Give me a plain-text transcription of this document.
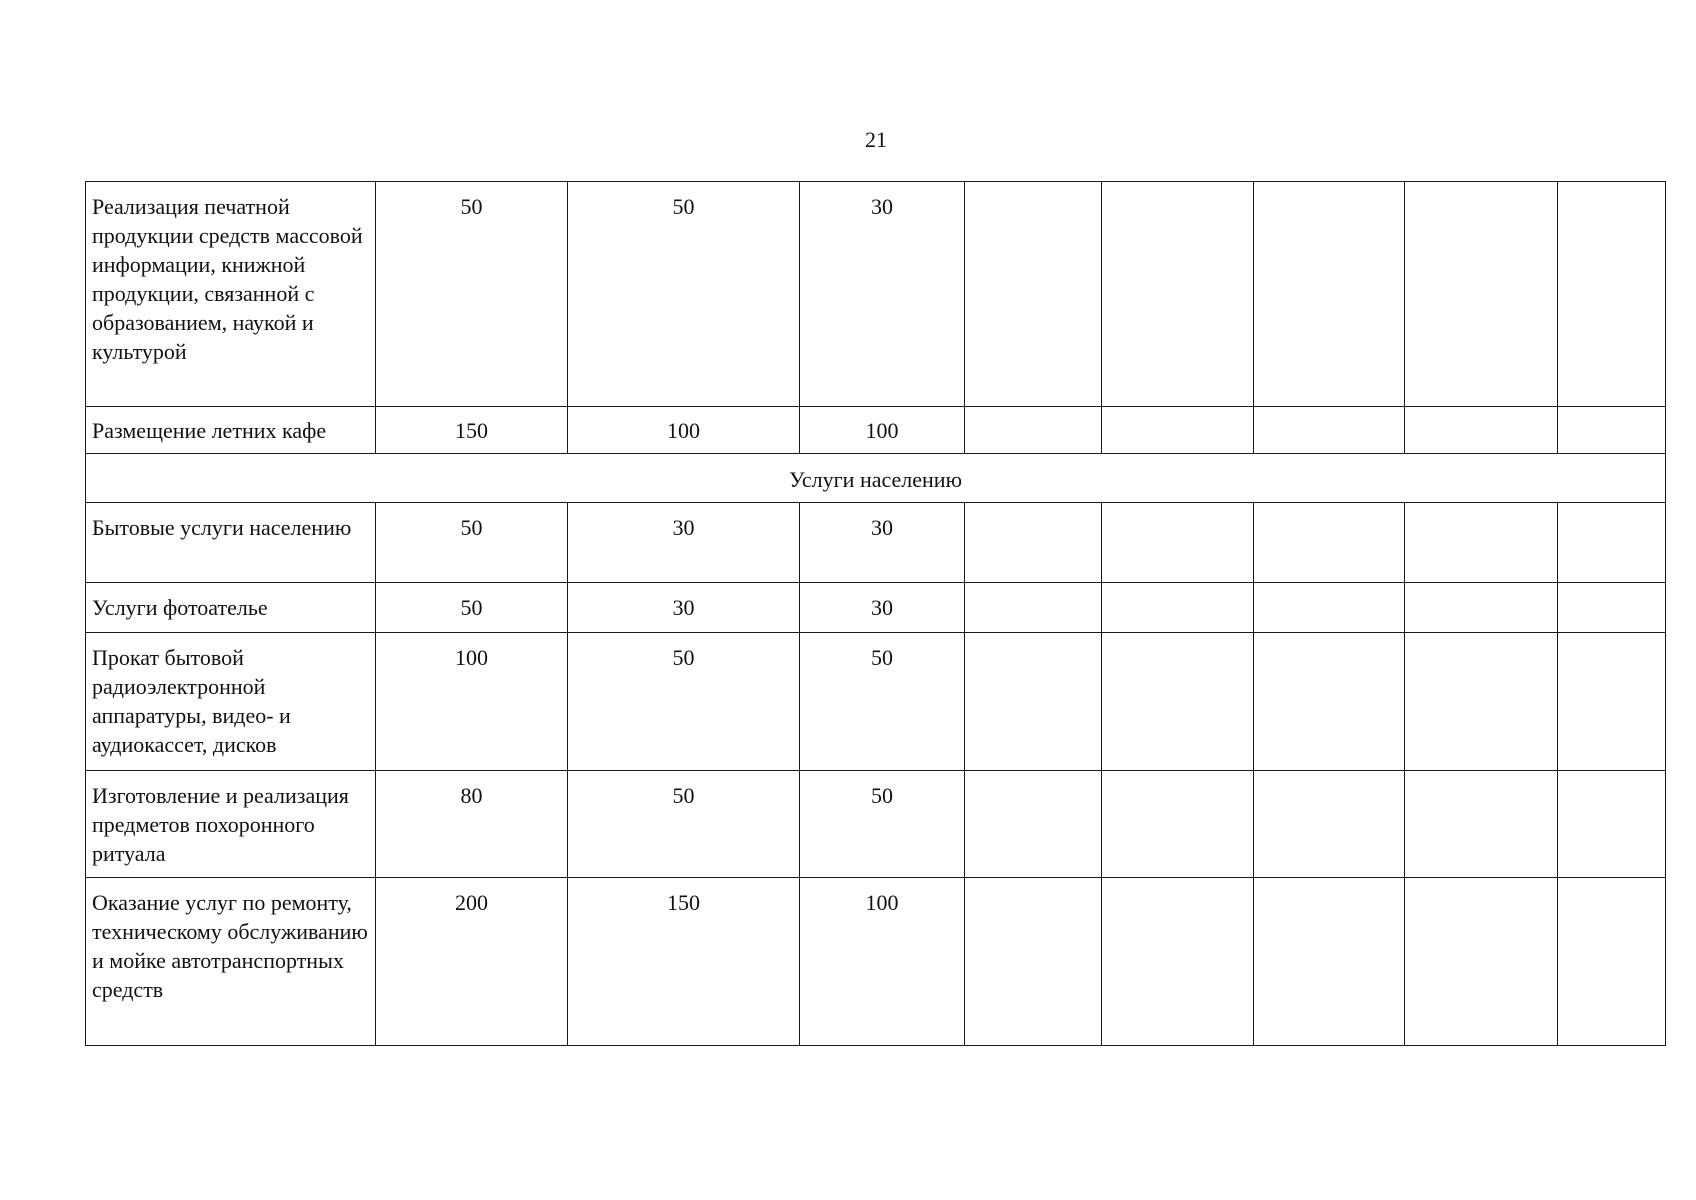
21
Реализация печатной продукции средств массовой информации, книжной продукции, связанной с образованием, наукой и культурой	50	50	30					
Размещение летних кафе	150	100	100					
Услуги населению								
Бытовые услуги населению	50	30	30					
Услуги фотоателье	50	30	30					
Прокат бытовой радиоэлектронной аппаратуры, видео- и аудиокассет, дисков	100	50	50					
Изготовление и реализация предметов похоронного ритуала	80	50	50					
Оказание услуг по ремонту, техническому обслуживанию и мойке автотранспортных средств	200	150	100					
